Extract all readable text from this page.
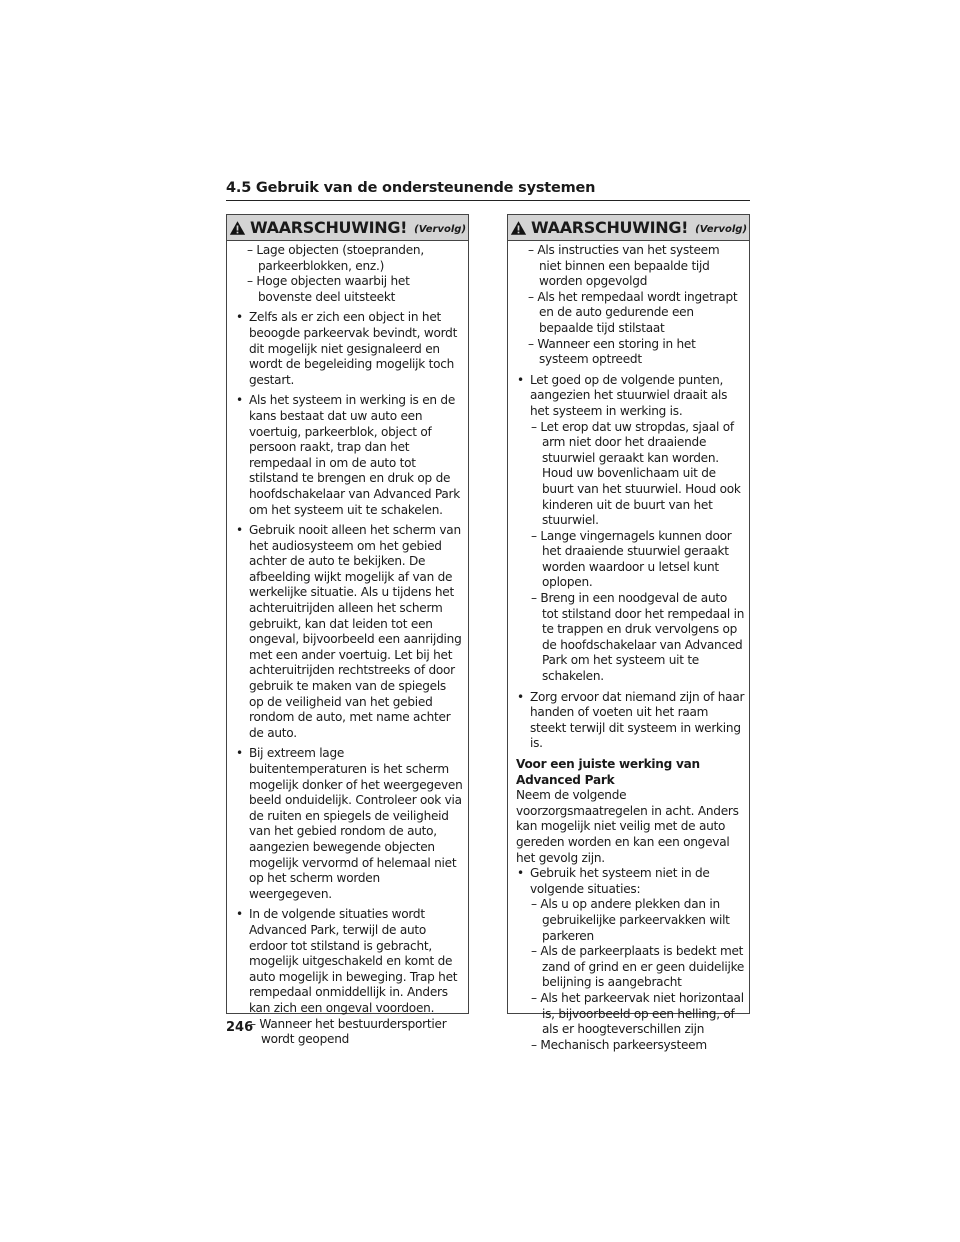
4.5 Gebruik van de ondersteunende systemen
WAARSCHUWING! (Vervolg)
– Lage objecten (stoepranden, parkeerblokken, enz.)
– Hoge objecten waarbij het bovenste deel uitsteekt
• Zelfs als er zich een object in het beoogde parkeervak bevindt, wordt dit mogelijk niet gesignaleerd en wordt de begeleiding mogelijk toch gestart.
• Als het systeem in werking is en de kans bestaat dat uw auto een voertuig, parkeerblok, object of persoon raakt, trap dan het rempedaal in om de auto tot stilstand te brengen en druk op de hoofdschakelaar van Advanced Park om het systeem uit te schakelen.
• Gebruik nooit alleen het scherm van het audiosysteem om het gebied achter de auto te bekijken. De afbeelding wijkt mogelijk af van de werkelijke situatie. Als u tijdens het achteruitrijden alleen het scherm gebruikt, kan dat leiden tot een ongeval, bijvoorbeeld een aanrijding met een ander voertuig. Let bij het achteruitrijden rechtstreeks of door gebruik te maken van de spiegels op de veiligheid van het gebied rondom de auto, met name achter de auto.
• Bij extreem lage buitentemperaturen is het scherm mogelijk donker of het weergegeven beeld onduidelijk. Controleer ook via de ruiten en spiegels de veiligheid van het gebied rondom de auto, aangezien bewegende objecten mogelijk vervormd of helemaal niet op het scherm worden weergegeven.
• In de volgende situaties wordt Advanced Park, terwijl de auto erdoor tot stilstand is gebracht, mogelijk uitgeschakeld en komt de auto mogelijk in beweging. Trap het rempedaal onmiddellijk in. Anders kan zich een ongeval voordoen.
– Wanneer het bestuurdersportier wordt geopend
WAARSCHUWING! (Vervolg)
– Als instructies van het systeem niet binnen een bepaalde tijd worden opgevolgd
– Als het rempedaal wordt ingetrapt en de auto gedurende een bepaalde tijd stilstaat
– Wanneer een storing in het systeem optreedt
• Let goed op de volgende punten, aangezien het stuurwiel draait als het systeem in werking is.
– Let erop dat uw stropdas, sjaal of arm niet door het draaiende stuurwiel geraakt kan worden. Houd uw bovenlichaam uit de buurt van het stuurwiel. Houd ook kinderen uit de buurt van het stuurwiel.
– Lange vingernagels kunnen door het draaiende stuurwiel geraakt worden waardoor u letsel kunt oplopen.
– Breng in een noodgeval de auto tot stilstand door het rempedaal in te trappen en druk vervolgens op de hoofdschakelaar van Advanced Park om het systeem uit te schakelen.
• Zorg ervoor dat niemand zijn of haar handen of voeten uit het raam steekt terwijl dit systeem in werking is.

Voor een juiste werking van Advanced Park

Neem de volgende voorzorgsmaatregelen in acht. Anders kan mogelijk niet veilig met de auto gereden worden en kan een ongeval het gevolg zijn.

• Gebruik het systeem niet in de volgende situaties:
– Als u op andere plekken dan in gebruikelijke parkeervakken wilt parkeren
– Als de parkeerplaats is bedekt met zand of grind en er geen duidelijke belijning is aangebracht
– Als het parkeervak niet horizontaal is, bijvoorbeeld op een helling, of als er hoogteverschillen zijn
– Mechanisch parkeersysteem
246
